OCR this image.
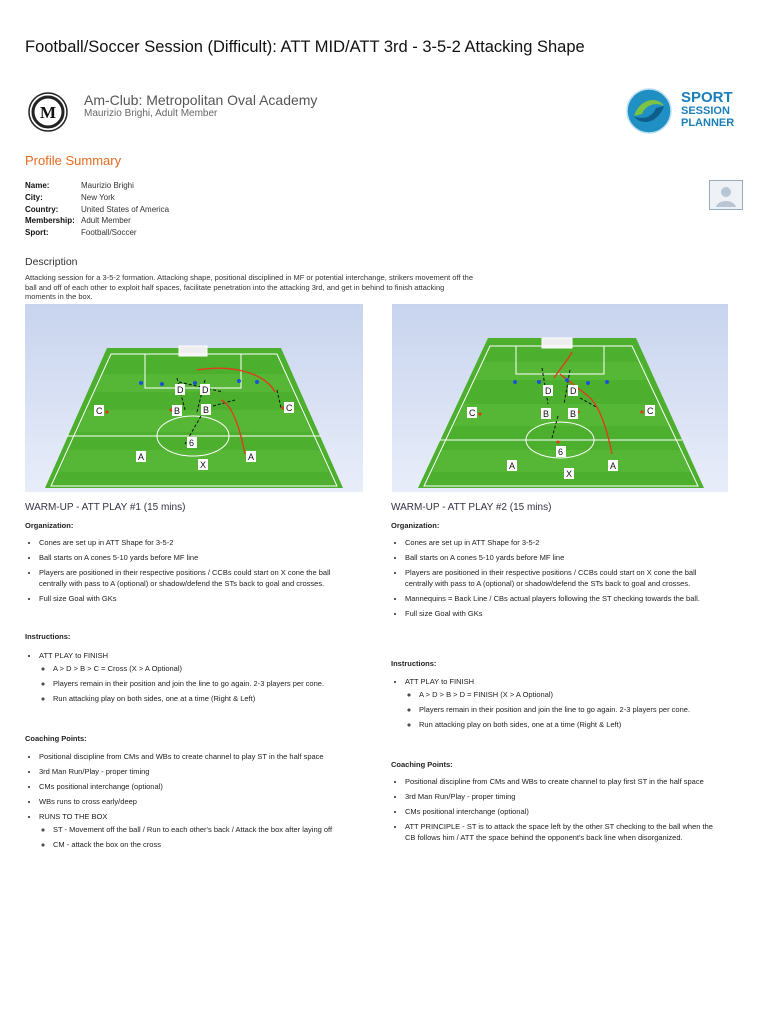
Football/Soccer Session (Difficult): ATT MID/ATT 3rd - 3-5-2 Attacking Shape
M
Am-Club: Metropolitan Oval Academy
Maurizio Brighi, Adult Member
SPORT
SESSION
PLANNER
Profile Summary
Name:	Maurizio Brighi
City:	New York
Country:	United States of America
Membership: Adult Member
Sport:	Football/Soccer
Description
Attacking session for a 3-5-2 formation. Attacking shape, positional disciplined in MF or potential interchange, strikers movement off the ball and off of each other to exploit half spaces, facilitate penetration into the attacking 3rd, and get in behind to finish attacking moments in the box.
D D
C	C
B	B
6
A	A
X
D D
C	C
B B
6
A	A
X
WARM-UP - ATT PLAY #1 (15 mins)
Organization:
• Cones are set up in ATT Shape for 3-5-2
• Ball starts on A cones 5-10 yards before MF line
• Players are positioned in their respective positions / CCBs could start on X cone the ball centrally with pass to A (optional) or shadow/defend the STs back to goal and crosses.
• Full size Goal with GKs
Instructions:
• ATT PLAY to FINISH
◦ A > D > B > C = Cross (X > A Optional)
◦ Players remain in their position and join the line to go again. 2-3 players per cone.
◦ Run attacking play on both sides, one at a time (Right & Left)
Coaching Points:
• Positional discipline from CMs and WBs to create channel to play ST in the half space
• 3rd Man Run/Play - proper timing
• CMs positional interchange (optional)
• WBs runs to cross early/deep
• RUNS TO THE BOX
◦ ST - Movement off the ball / Run to each other's back / Attack the box after laying off
◦ CM - attack the box on the cross
WARM-UP - ATT PLAY #2 (15 mins)
Organization:
• Cones are set up in ATT Shape for 3-5-2
• Ball starts on A cones 5-10 yards before MF line
• Players are positioned in their respective positions / CCBs could start on X cone the ball centrally with pass to A (optional) or shadow/defend the STs back to goal and crosses.
• Mannequins = Back Line / CBs actual players following the ST checking towards the ball.
• Full size Goal with GKs
Instructions:
• ATT PLAY to FINISH
◦ A > D > B > D = FINISH (X > A Optional)
◦ Players remain in their position and join the line to go again. 2-3 players per cone.
◦ Run attacking play on both sides, one at a time (Right & Left)
Coaching Points:
• Positional discipline from CMs and WBs to create channel to play first ST in the half space
• 3rd Man Run/Play - proper timing
• CMs positional interchange (optional)
• ATT PRINCIPLE - ST is to attack the space left by the other ST checking to the ball when the CB follows him / ATT the space behind the opponent's back line when disorganized.
